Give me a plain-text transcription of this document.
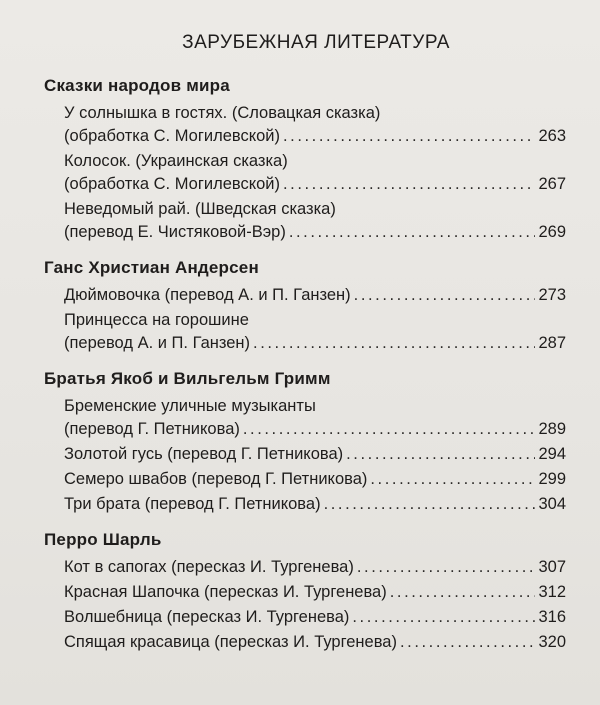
ЗАРУБЕЖНАЯ ЛИТЕРАТУРА
Сказки народов мира
У солнышка в гостях. (Словацкая сказка)
(обработка С. Могилевской) . . .	263
Колосок. (Украинская сказка)
(обработка С. Могилевской) . . .	267
Неведомый рай. (Шведская сказка)
(перевод Е. Чистяковой-Вэр) . . .	269
Ганс Христиан Андерсен
Дюймовочка (перевод А. и П. Ганзен) . . .	273
Принцесса на горошине
(перевод А. и П. Ганзен) . . .	287
Братья Якоб и Вильгельм Гримм
Бременские уличные музыканты
(перевод Г. Петникова) . . .	289
Золотой гусь (перевод Г. Петникова) . . .	294
Семеро швабов (перевод Г. Петникова) . . .	299
Три брата (перевод Г. Петникова) . . .	304
Перро Шарль
Кот в сапогах (пересказ И. Тургенева) . . .	307
Красная Шапочка (пересказ И. Тургенева) . . .	312
Волшебница (пересказ И. Тургенева) . . .	316
Спящая красавица (пересказ И. Тургенева) . . .	320
